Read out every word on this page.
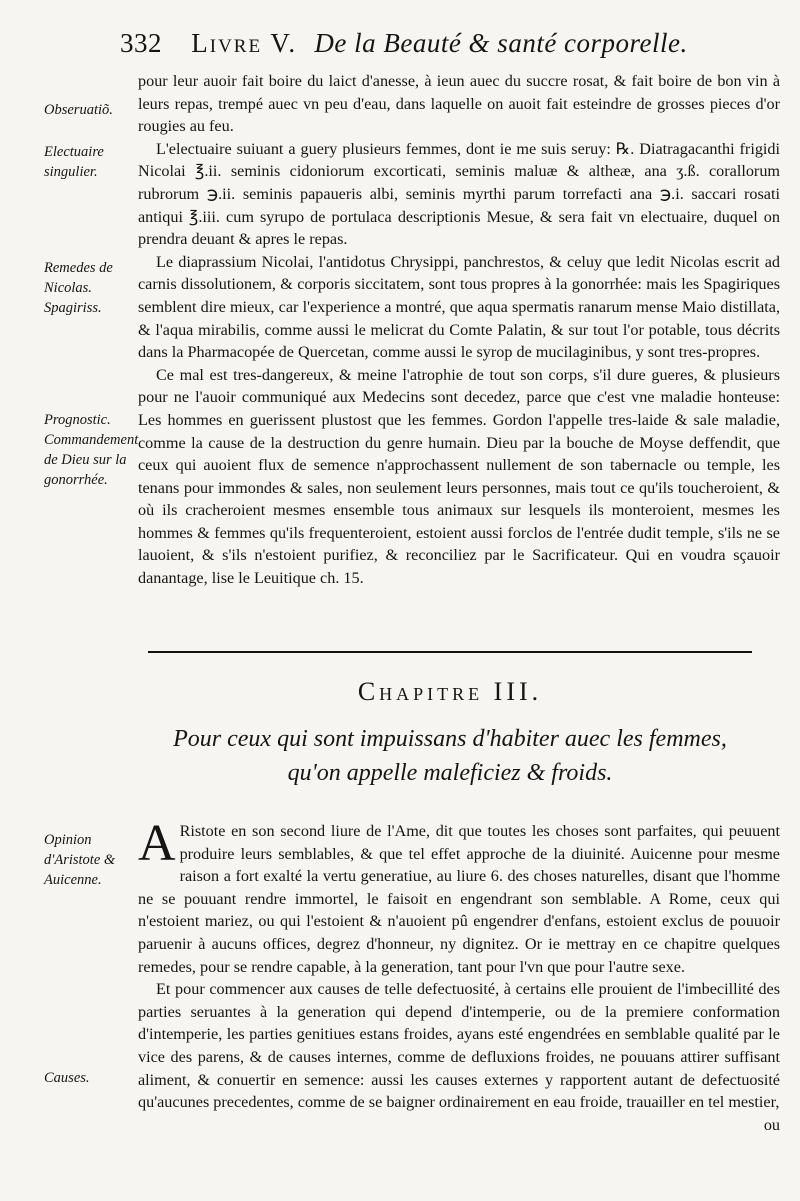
332 Livre V. De la Beauté & santé corporelle.
Obseruatiõ.
Electuaire singulier.
Remedes de Nicolas. Spagiriss.
Prognostic. Commandement de Dieu sur la gonorrhée.
Opinion d'Aristote & Auicenne.
Causes.

pour leur auoir fait boire du laict d'anesse, à ieun auec du succre rosat, & fait boire de bon vin à leurs repas, trempé auec vn peu d'eau, dans laquelle on auoit fait esteindre de grosses pieces d'or rougies au feu.

L'electuaire suiuant a guery plusieurs femmes, dont ie me suis seruy: ℞. Diatragacanthi frigidi Nicolai ℥.ii. seminis cidoniorum excorticati, seminis maluæ & altheæ, ana ʒ.ß. corallorum rubrorum ℈.ii. seminis papaueris albi, seminis myrthi parum torrefacti ana ℈.i. saccari rosati antiqui ℥.iii. cum syrupo de portulaca descriptionis Mesue, & sera fait vn electuaire, duquel on prendra deuant & apres le repas.

Le diaprassium Nicolai, l'antidotus Chrysippi, panchrestos, & celuy que ledit Nicolas escrit ad carnis dissolutionem, & corporis siccitatem, sont tous propres à la gonorrhée: mais les Spagiriques semblent dire mieux, car l'experience a montré, que aqua spermatis ranarum mense Maio distillata, & l'aqua mirabilis, comme aussi le melicrat du Comte Palatin, & sur tout l'or potable, tous décrits dans la Pharmacopée de Quercetan, comme aussi le syrop de mucilaginibus, y sont tres-propres.

Ce mal est tres-dangereux, & meine l'atrophie de tout son corps, s'il dure gueres, & plusieurs pour ne l'auoir communiqué aux Medecins sont decedez, parce que c'est vne maladie honteuse: Les hommes en guerissent plustost que les femmes. Gordon l'appelle tres-laide & sale maladie, comme la cause de la destruction du genre humain. Dieu par la bouche de Moyse deffendit, que ceux qui auoient flux de semence n'approchassent nullement de son tabernacle ou temple, les tenans pour immondes & sales, non seulement leurs personnes, mais tout ce qu'ils toucheroient, & où ils cracheroient mesmes ensemble tous animaux sur lesquels ils monteroient, mesmes les hommes & femmes qu'ils frequenteroient, estoient aussi forclos de l'entrée dudit temple, s'ils ne se lauoient, & s'ils n'estoient purifiez, & reconciliez par le Sacrificateur. Qui en voudra sçauoir danantage, lise le Leuitique ch. 15.

Chapitre III.
Pour ceux qui sont impuissans d'habiter auec les femmes, qu'on appelle maleficiez & froids.

A Ristote en son second liure de l'Ame, dit que toutes les choses sont parfaites, qui peuuent produire leurs semblables, & que tel effet approche de la diuinité. Auicenne pour mesme raison a fort exalté la vertu generatiue, au liure 6. des choses naturelles, disant que l'homme ne se pouuant rendre immortel, le faisoit en engendrant son semblable. A Rome, ceux qui n'estoient mariez, ou qui l'estoient & n'auoient pû engendrer d'enfans, estoient exclus de pouuoir paruenir à aucuns offices, degrez d'honneur, ny dignitez. Or ie mettray en ce chapitre quelques remedes, pour se rendre capable, à la generation, tant pour l'vn que pour l'autre sexe.

Et pour commencer aux causes de telle defectuosité, à certains elle prouient de l'imbecillité des parties seruantes à la generation qui depend d'intemperie, ou de la premiere conformation d'intemperie, les parties genitiues estans froides, ayans esté engendrées en semblable qualité par le vice des parens, & de causes internes, comme de defluxions froides, ne pouuans attirer suffisant aliment, & conuertir en semence: aussi les causes externes y rapportent autant de defectuosité qu'aucunes precedentes, comme de se baigner ordinairement en eau froide, trauailler en tel mestier,

ou
